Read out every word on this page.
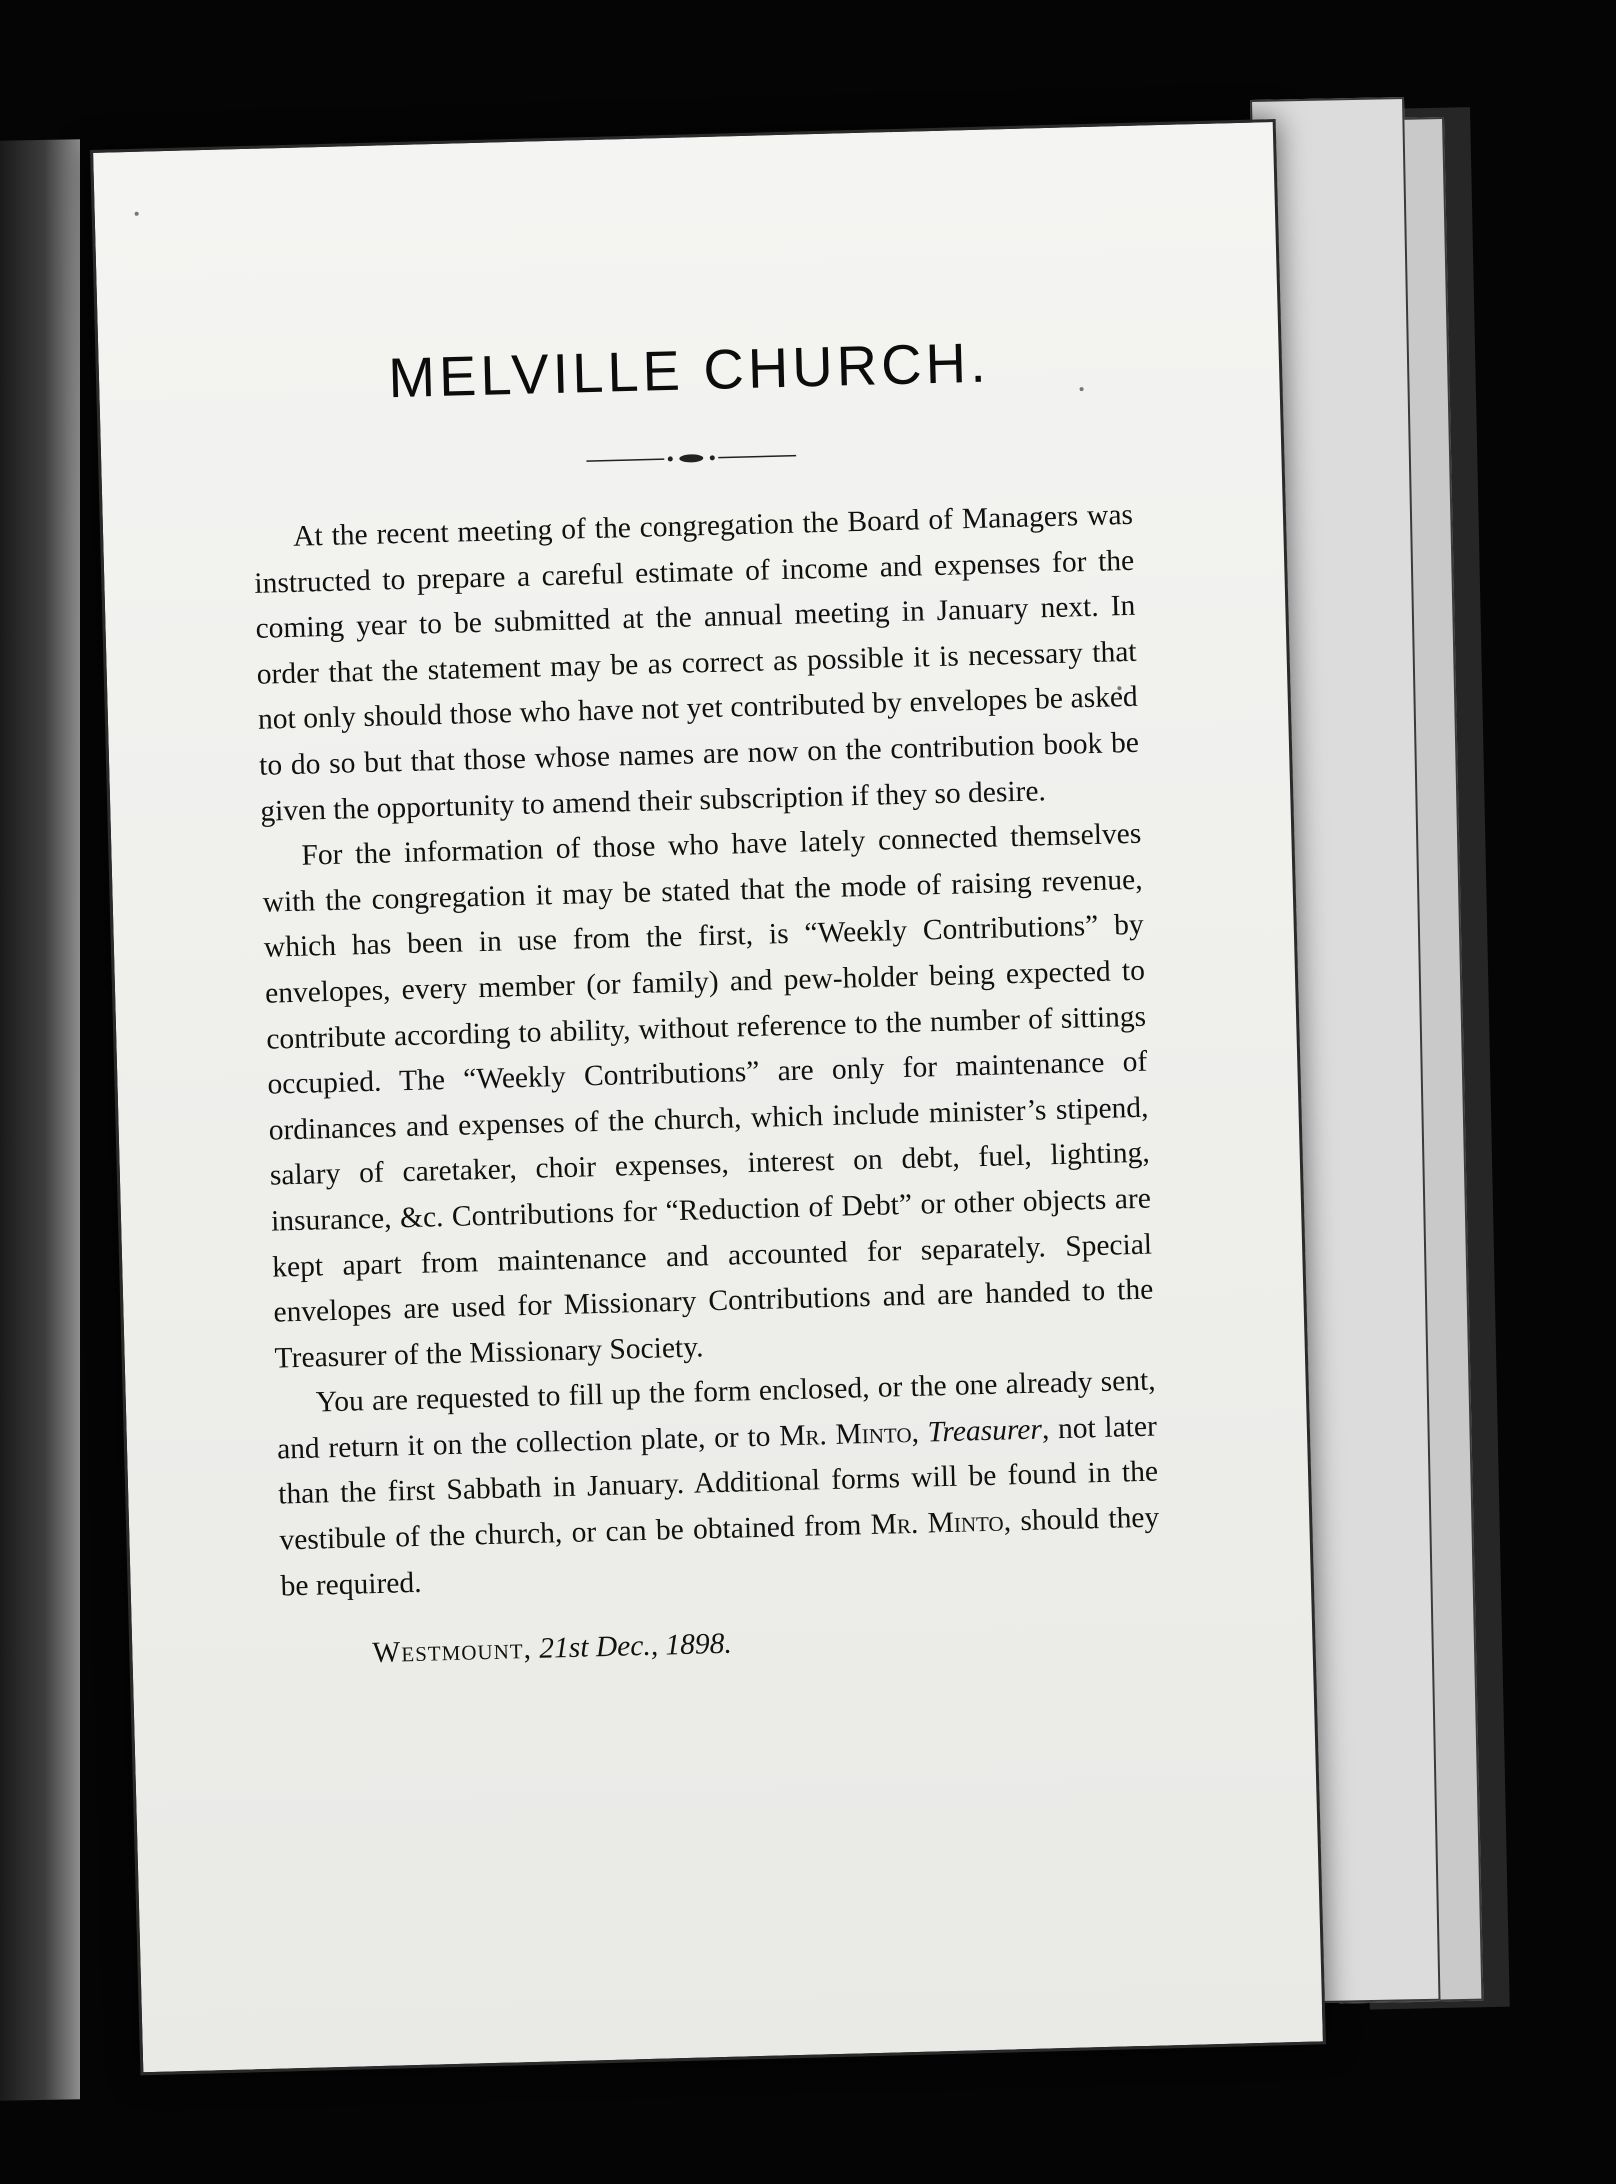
MELVILLE CHURCH.

At the recent meeting of the congregation the Board of Managers was instructed to prepare a careful estimate of income and expenses for the coming year to be submitted at the annual meeting in January next. In order that the statement may be as correct as possible it is necessary that not only should those who have not yet contributed by envelopes be asked to do so but that those whose names are now on the contribution book be given the opportunity to amend their subscription if they so desire.

For the information of those who have lately connected themselves with the congregation it may be stated that the mode of raising revenue, which has been in use from the first, is “Weekly Contributions” by envelopes, every member (or family) and pew-holder being expected to contribute according to ability, without reference to the number of sittings occupied. The “Weekly Contributions” are only for maintenance of ordinances and expenses of the church, which include minister’s stipend, salary of caretaker, choir expenses, interest on debt, fuel, lighting, insurance, &c. Contributions for “Reduction of Debt” or other objects are kept apart from maintenance and accounted for separately. Special envelopes are used for Missionary Contributions and are handed to the Treasurer of the Missionary Society.

You are requested to fill up the form enclosed, or the one already sent, and return it on the collection plate, or to Mr. Minto, Treasurer, not later than the first Sabbath in January. Additional forms will be found in the vestibule of the church, or can be obtained from Mr. Minto, should they be required.

Westmount, 21st Dec., 1898.
